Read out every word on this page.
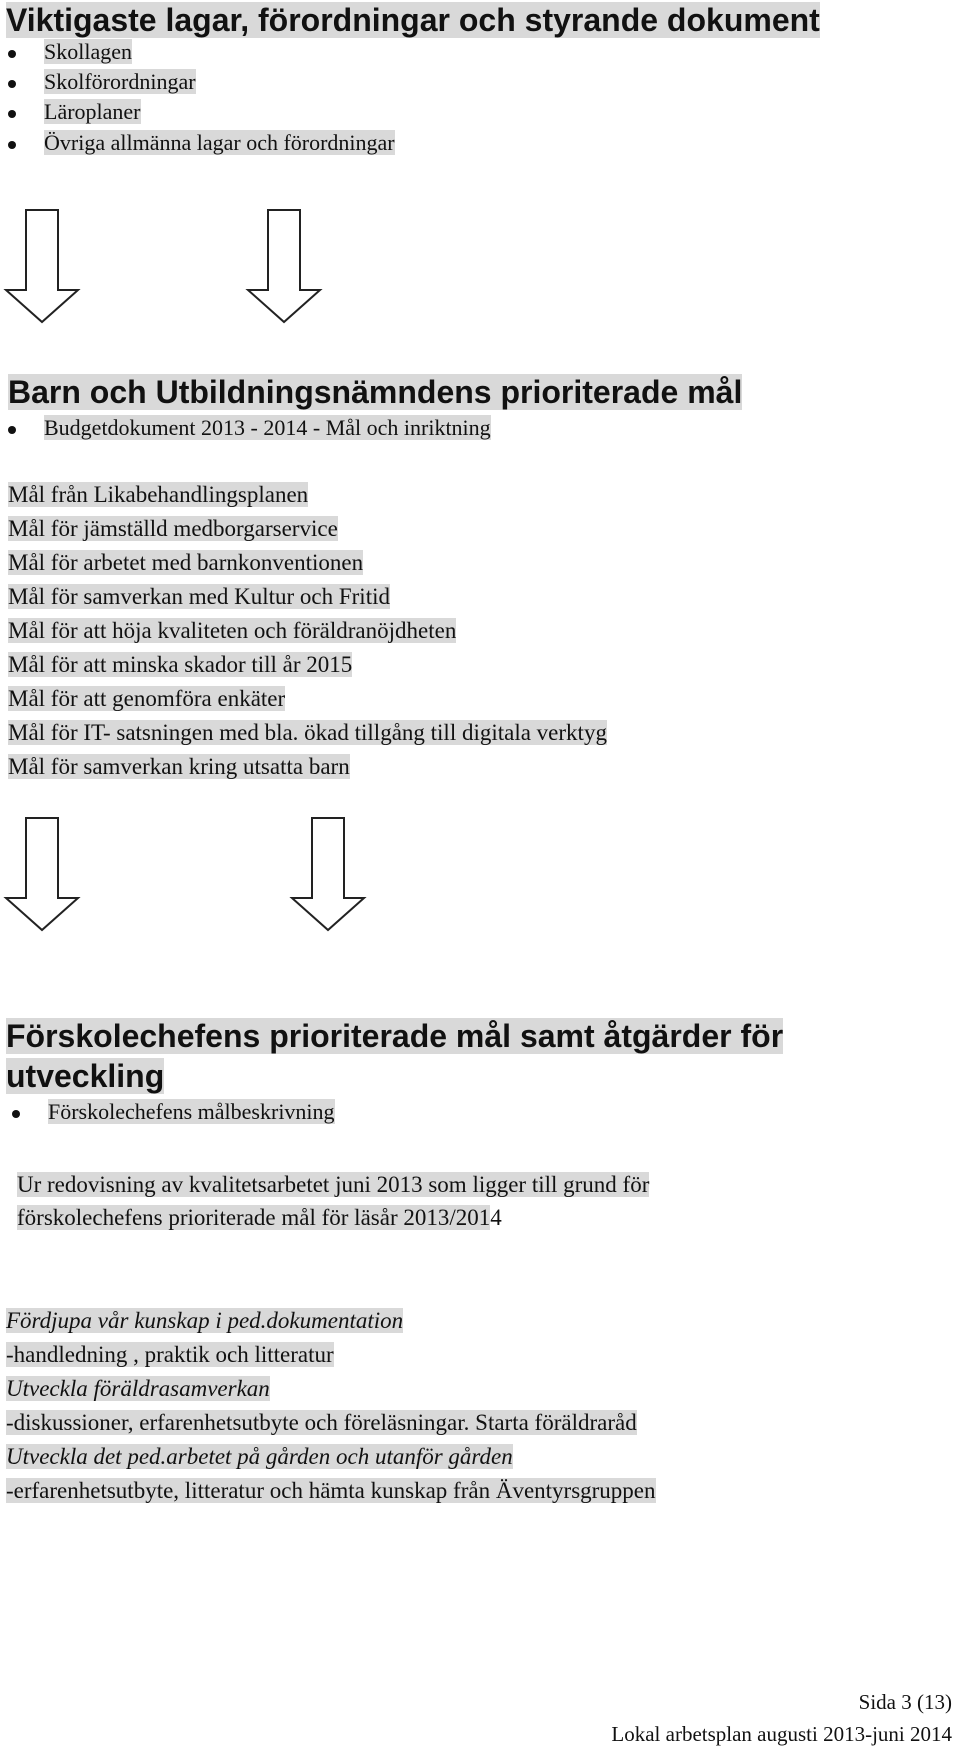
Viktigaste lagar, förordningar och styrande dokument
Skollagen
Skolförordningar
Läroplaner
Övriga allmänna lagar och förordningar
Barn och Utbildningsnämndens prioriterade mål
Budgetdokument 2013 - 2014 - Mål och inriktning
Mål från Likabehandlingsplanen
Mål för jämställd medborgarservice
Mål för arbetet med barnkonventionen
Mål för samverkan med Kultur och Fritid
Mål för att höja kvaliteten och föräldranöjdheten
Mål för att minska skador till år 2015
Mål för att genomföra enkäter
Mål för IT- satsningen med bla. ökad tillgång till digitala verktyg
Mål för samverkan kring utsatta barn
Förskolechefens prioriterade mål samt åtgärder för
utveckling
Förskolechefens målbeskrivning
Ur redovisning av kvalitetsarbetet juni 2013 som ligger till grund för
förskolechefens prioriterade mål för läsår 2013/2014
Fördjupa vår kunskap i ped.dokumentation
-handledning , praktik och litteratur
Utveckla föräldrasamverkan
-diskussioner, erfarenhetsutbyte och föreläsningar. Starta föräldraråd
Utveckla det ped.arbetet på gården och utanför gården
-erfarenhetsutbyte, litteratur och hämta kunskap från Äventyrsgruppen
Sida 3 (13)
Lokal arbetsplan augusti 2013-juni 2014
